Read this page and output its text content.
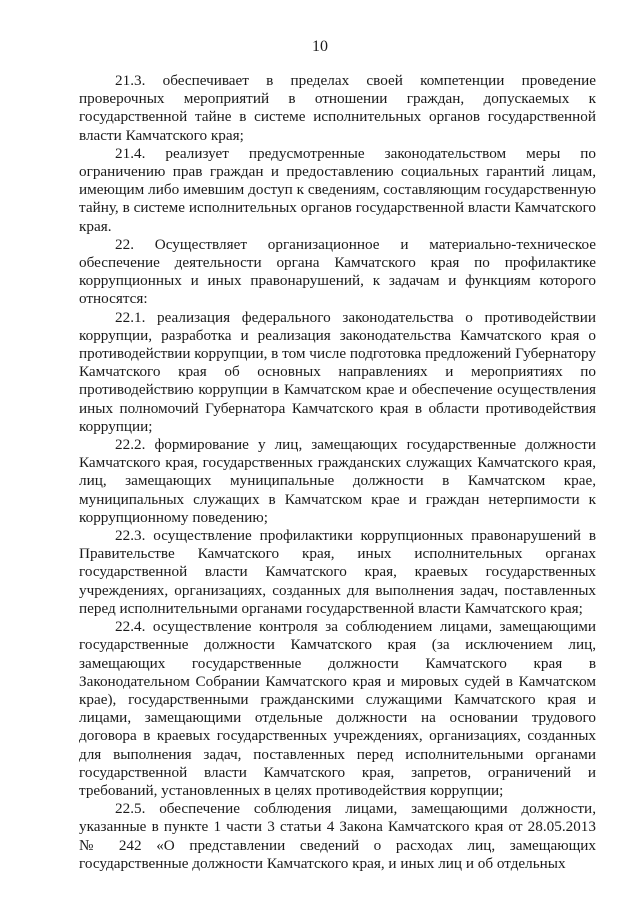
10

21.3. обеспечивает в пределах своей компетенции проведение проверочных мероприятий в отношении граждан, допускаемых к государственной тайне в системе исполнительных органов государственной власти Камчатского края;

21.4. реализует предусмотренные законодательством меры по ограничению прав граждан и предоставлению социальных гарантий лицам, имеющим либо имевшим доступ к сведениям, составляющим государственную тайну, в системе исполнительных органов государственной власти Камчатского края.

22. Осуществляет организационное и материально-техническое обеспечение деятельности органа Камчатского края по профилактике коррупционных и иных правонарушений, к задачам и функциям которого относятся:

22.1. реализация федерального законодательства о противодействии коррупции, разработка и реализация законодательства Камчатского края о противодействии коррупции, в том числе подготовка предложений Губернатору Камчатского края об основных направлениях и мероприятиях по противодействию коррупции в Камчатском крае и обеспечение осуществления иных полномочий Губернатора Камчатского края в области противодействия коррупции;

22.2. формирование у лиц, замещающих государственные должности Камчатского края, государственных гражданских служащих Камчатского края, лиц, замещающих муниципальные должности в Камчатском крае, муниципальных служащих в Камчатском крае и граждан нетерпимости к коррупционному поведению;

22.3. осуществление профилактики коррупционных правонарушений в Правительстве Камчатского края, иных исполнительных органах государственной власти Камчатского края, краевых государственных учреждениях, организациях, созданных для выполнения задач, поставленных перед исполнительными органами государственной власти Камчатского края;

22.4. осуществление контроля за соблюдением лицами, замещающими государственные должности Камчатского края (за исключением лиц, замещающих государственные должности Камчатского края в Законодательном Собрании Камчатского края и мировых судей в Камчатском крае), государственными гражданскими служащими Камчатского края и лицами, замещающими отдельные должности на основании трудового договора в краевых государственных учреждениях, организациях, созданных для выполнения задач, поставленных перед исполнительными органами государственной власти Камчатского края, запретов, ограничений и требований, установленных в целях противодействия коррупции;

22.5. обеспечение соблюдения лицами, замещающими должности, указанные в пункте 1 части 3 статьи 4 Закона Камчатского края от 28.05.2013 № 242 «О представлении сведений о расходах лиц, замещающих государственные должности Камчатского края, и иных лиц и об отдельных
